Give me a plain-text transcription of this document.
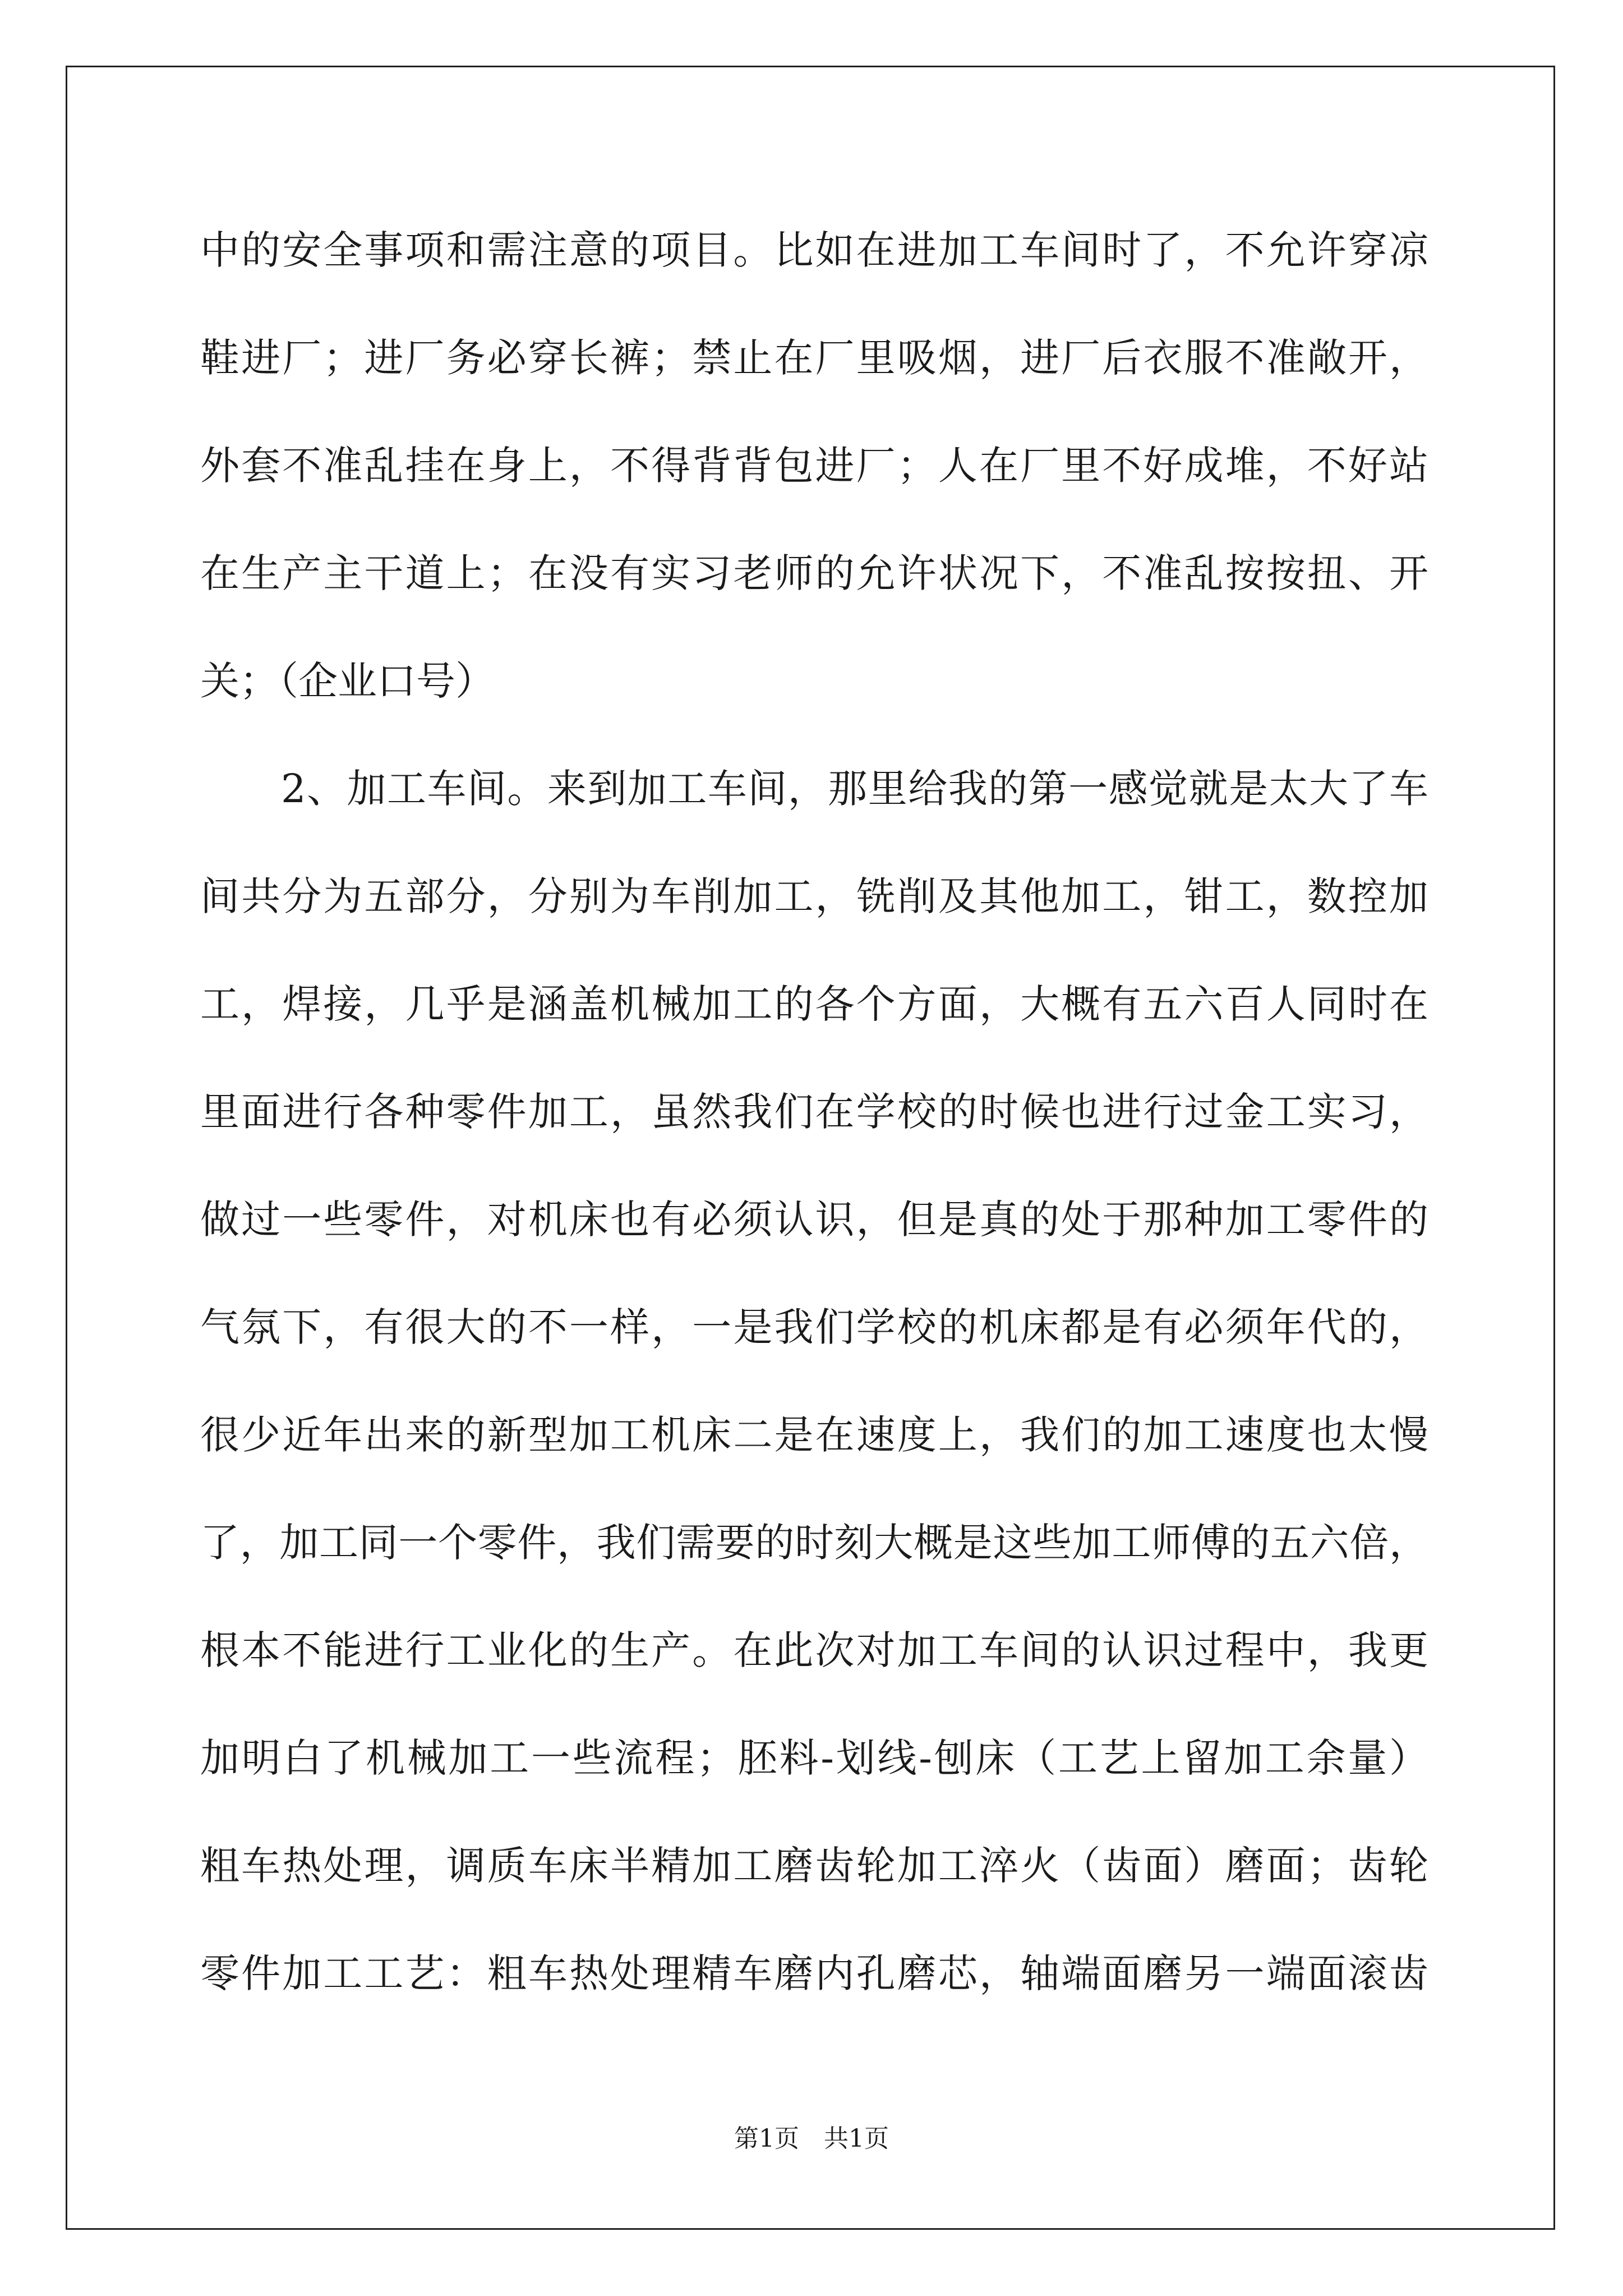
中的安全事项和需注意的项目。比如在进加工车间时了，不允许穿凉
鞋进厂；进厂务必穿长裤；禁止在厂里吸烟，进厂后衣服不准敞开，
外套不准乱挂在身上，不得背背包进厂；人在厂里不好成堆，不好站
在生产主干道上；在没有实习老师的允许状况下，不准乱按按扭、开
关；（企业口号）
2、加工车间。来到加工车间，那里给我的第一感觉就是太大了车
间共分为五部分，分别为车削加工，铣削及其他加工，钳工，数控加
工，焊接，几乎是涵盖机械加工的各个方面，大概有五六百人同时在
里面进行各种零件加工，虽然我们在学校的时候也进行过金工实习，
做过一些零件，对机床也有必须认识，但是真的处于那种加工零件的
气氛下，有很大的不一样，一是我们学校的机床都是有必须年代的，
很少近年出来的新型加工机床二是在速度上，我们的加工速度也太慢
了，加工同一个零件，我们需要的时刻大概是这些加工师傅的五六倍，
根本不能进行工业化的生产。在此次对加工车间的认识过程中，我更
加明白了机械加工一些流程；胚料-划线-刨床（工艺上留加工余量）
粗车热处理，调质车床半精加工磨齿轮加工淬火（齿面）磨面；齿轮
零件加工工艺：粗车热处理精车磨内孔磨芯，轴端面磨另一端面滚齿
第1页　共1页
